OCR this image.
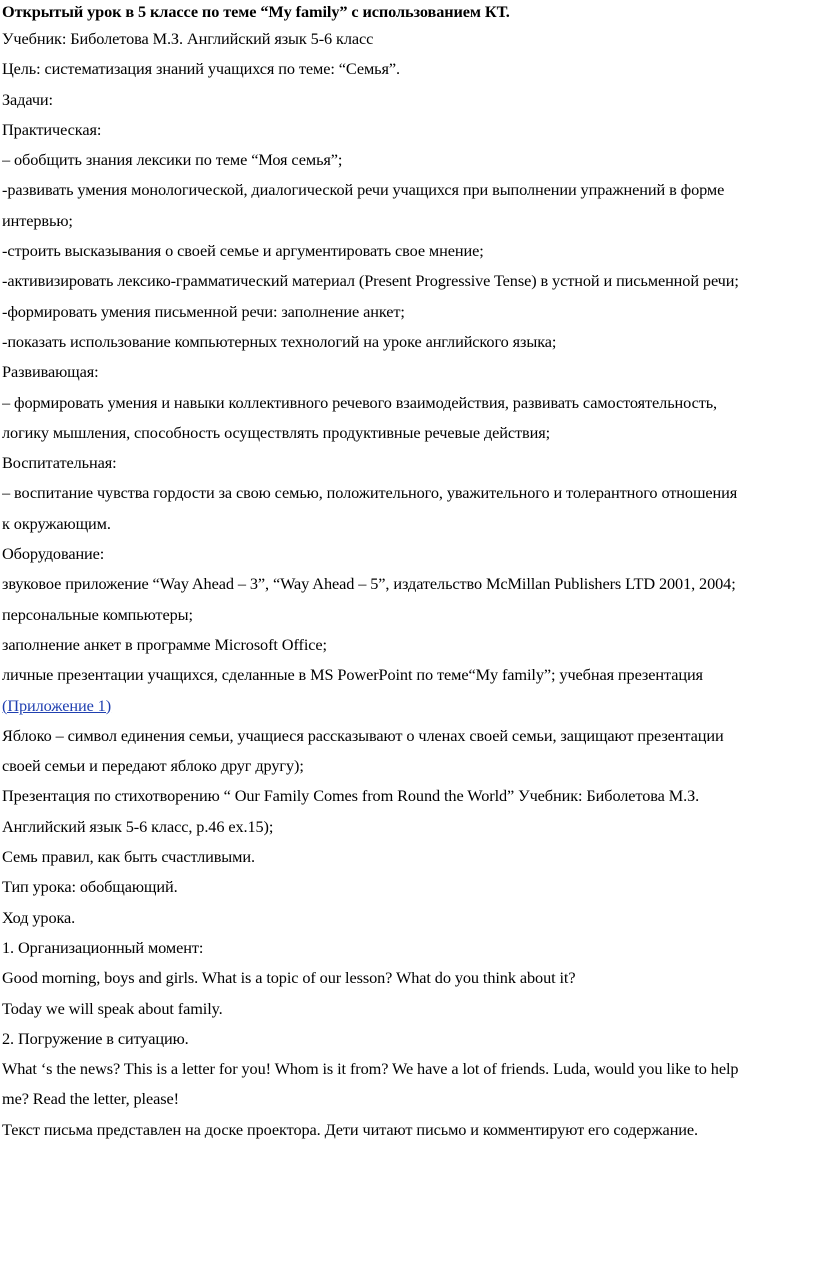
Открытый урок в 5 классе по теме “My family” с использованием КТ.
Учебник: Биболетова М.З. Английский язык 5-6 класс
Цель: систематизация знаний учащихся по теме: “Семья”.
Задачи:
Практическая:
– обобщить знания лексики по теме “Моя семья”;
-развивать умения монологической, диалогической речи учащихся при выполнении упражнений в форме
интервью;
-строить высказывания о своей семье и аргументировать свое мнение;
-активизировать лексико-грамматический материал (Present Progressive Tense) в устной и письменной речи;
-формировать умения письменной речи: заполнение анкет;
-показать использование компьютерных технологий на уроке английского языка;
Развивающая:
– формировать умения и навыки коллективного речевого взаимодействия, развивать самостоятельность,
логику мышления, способность осуществлять продуктивные речевые действия;
Воспитательная:
– воспитание чувства гордости за свою семью, положительного, уважительного и толерантного отношения
к окружающим.
Оборудование:
звуковое приложение “Way Ahead – 3”, “Way Ahead – 5”, издательство McMillan Publishers LTD 2001, 2004;
персональные компьютеры;
заполнение анкет в программе Microsoft Office;
личные презентации учащихся, сделанные в MS PowerPoint по теме“My family”; учебная презентация
(Приложение 1)
Яблоко – символ единения семьи, учащиеся рассказывают о членах своей семьи, защищают презентации
своей семьи и передают яблоко друг другу);
Презентация по стихотворению “ Our Family Comes from Round the World” Учебник: Биболетова М.З.
Английский язык 5-6 класс, р.46 ex.15);
Семь правил, как быть счастливыми.
Тип урока: обобщающий.
Ход урока.
1. Организационный момент:
Good morning, boys and girls. What is a topic of our lesson? What do you think about it?
Today we will speak about family.
2. Погружение в ситуацию.
What ‘s the news? This is a letter for you! Whom is it from? We have a lot of friends. Luda, would you like to help
me? Read the letter, please!
Текст письма представлен на доске проектора. Дети читают письмо и комментируют его содержание.
